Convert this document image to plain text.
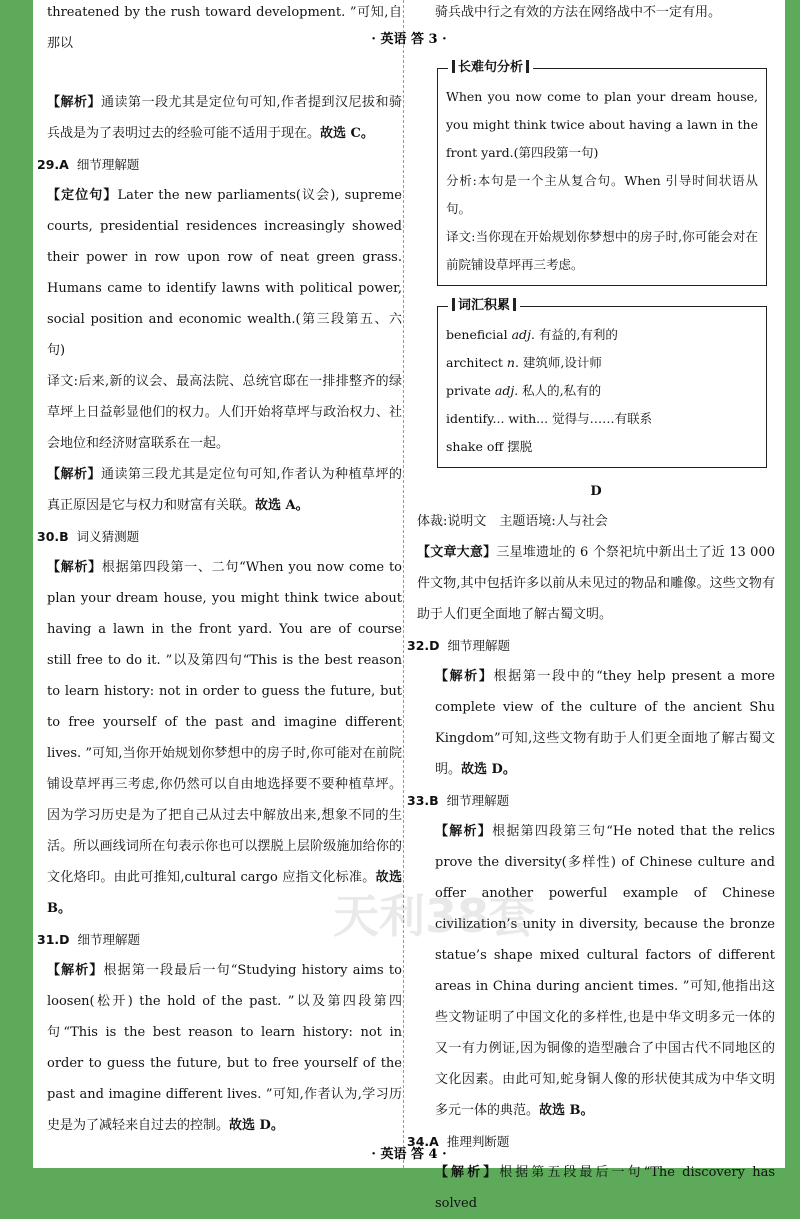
· 英语 答 3 ·
· 英语 答 4 ·

threatened by the rush toward development. ”可知,自那以

【解析】通读第一段尤其是定位句可知,作者提到汉尼拔和骑兵战是为了表明过去的经验可能不适用于现在。故选 C。

29.A 细节理解题

【定位句】Later the new parliaments(议会), supreme courts, presidential residences increasingly showed their power in row upon row of neat green grass. Humans came to identify lawns with political power, social position and economic wealth.(第三段第五、六句)

译文:后来,新的议会、最高法院、总统官邸在一排排整齐的绿草坪上日益彰显他们的权力。人们开始将草坪与政治权力、社会地位和经济财富联系在一起。

【解析】通读第三段尤其是定位句可知,作者认为种植草坪的真正原因是它与权力和财富有关联。故选 A。

30.B 词义猜测题

【解析】根据第四段第一、二句“When you now come to plan your dream house, you might think twice about having a lawn in the front yard. You are of course still free to do it. ”以及第四句“This is the best reason to learn history: not in order to guess the future, but to free yourself of the past and imagine different lives. ”可知,当你开始规划你梦想中的房子时,你可能对在前院铺设草坪再三考虑,你仍然可以自由地选择要不要种植草坪。因为学习历史是为了把自己从过去中解放出来,想象不同的生活。所以画线词所在句表示你也可以摆脱上层阶级施加给你的文化烙印。由此可推知,cultural cargo 应指文化标准。故选 B。

31.D 细节理解题

【解析】根据第一段最后一句“Studying history aims to loosen(松开) the hold of the past. ”以及第四段第四句“This is the best reason to learn history: not in order to guess the future, but to free yourself of the past and imagine different lives. ”可知,作者认为,学习历史是为了减轻来自过去的控制。故选 D。

骑兵战中行之有效的方法在网络战中不一定有用。

长难句分析

When you now come to plan your dream house, you might think twice about having a lawn in the front yard.(第四段第一句)

分析:本句是一个主从复合句。When 引导时间状语从句。

译文:当你现在开始规划你梦想中的房子时,你可能会对在前院铺设草坪再三考虑。

词汇积累

beneficial adj. 有益的,有利的

architect n. 建筑师,设计师

private adj. 私人的,私有的

identify... with... 觉得与……有联系

shake off 摆脱

D

体裁:说明文　主题语境:人与社会

【文章大意】三星堆遗址的 6 个祭祀坑中新出土了近 13 000 件文物,其中包括许多以前从未见过的物品和雕像。这些文物有助于人们更全面地了解古蜀文明。

32.D 细节理解题

【解析】根据第一段中的“they help present a more complete view of the culture of the ancient Shu Kingdom”可知,这些文物有助于人们更全面地了解古蜀文明。故选 D。

33.B 细节理解题

【解析】根据第四段第三句“He noted that the relics prove the diversity(多样性) of Chinese culture and offer another powerful example of Chinese civilization’s unity in diversity, because the bronze statue’s shape mixed cultural factors of different areas in China during ancient times. ”可知,他指出这些文物证明了中国文化的多样性,也是中华文明多元一体的又一有力例证,因为铜像的造型融合了中国古代不同地区的文化因素。由此可知,蛇身铜人像的形状使其成为中华文明多元一体的典范。故选 B。

34.A 推理判断题

【解析】根据第五段最后一句“The discovery has solved

天利38套
